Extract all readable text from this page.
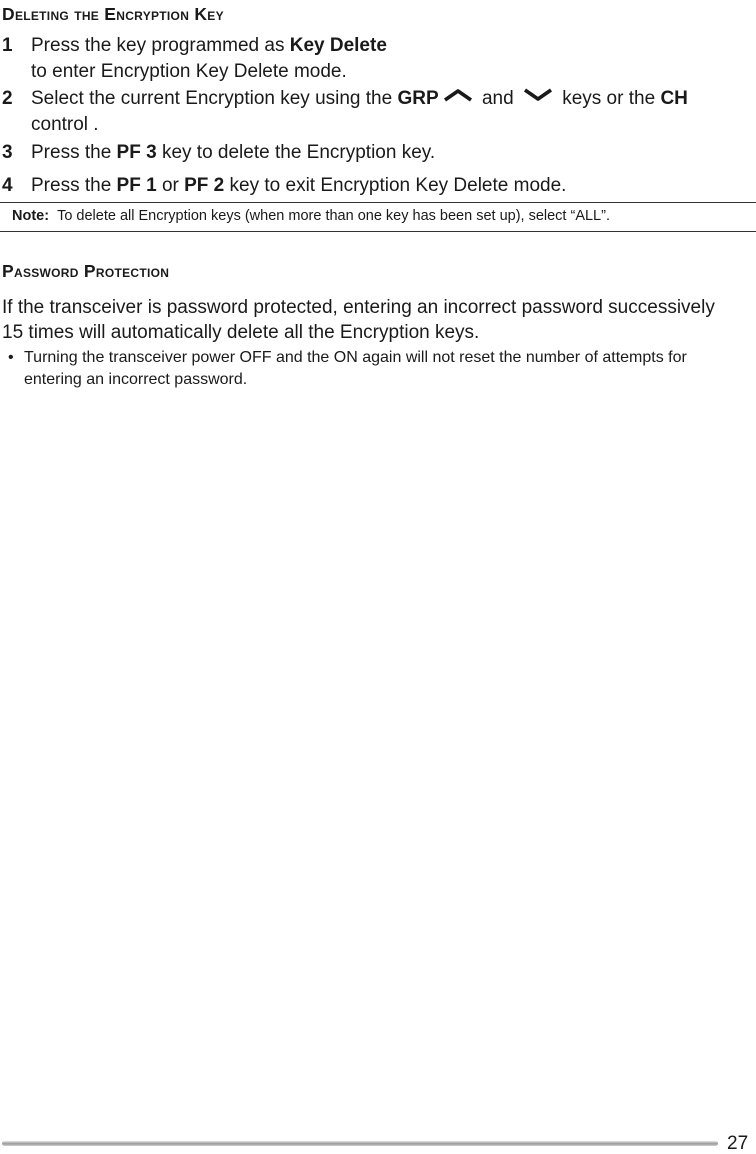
Deleting the Encryption Key
1 Press the key programmed as Key Delete
to enter Encryption Key Delete mode.
2 Select the current Encryption key using the GRP and  keys or the CH
control .
3 Press the PF 3 key to delete the Encryption key.
4 Press the PF 1 or PF 2 key to exit Encryption Key Delete mode.
Note: To delete all Encryption keys (when more than one key has been set up), select “ALL”.
Password Protection
If the transceiver is password protected, entering an incorrect password successively 15 times will automatically delete all the Encryption keys.
• Turning the transceiver power OFF and the ON again will not reset the number of attempts for entering an incorrect password.
27
